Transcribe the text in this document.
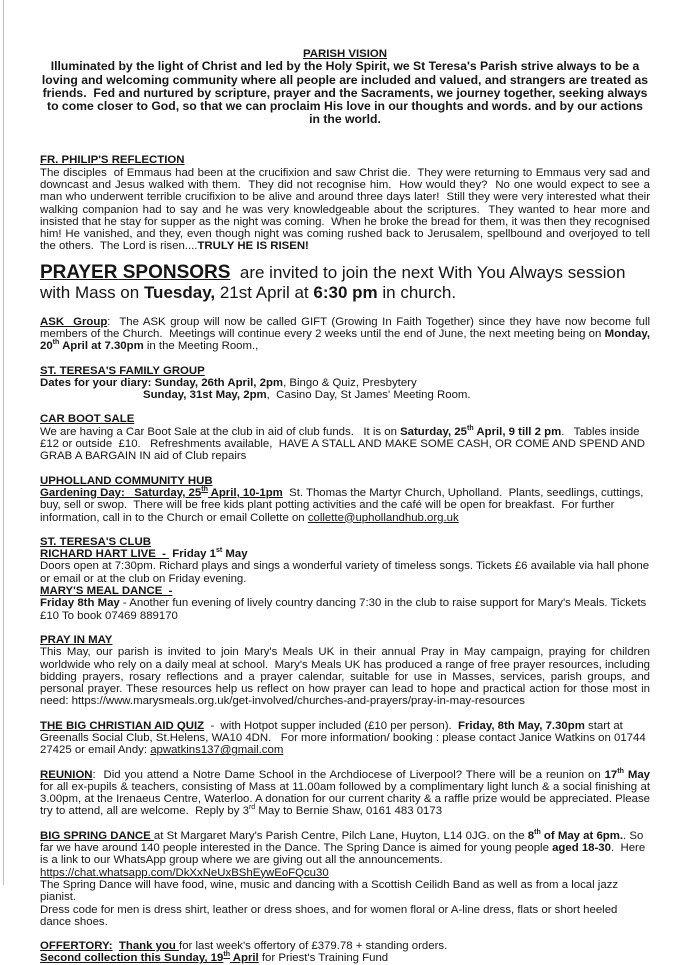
PARISH VISION

Illuminated by the light of Christ and led by the Holy Spirit, we St Teresa's Parish strive always to be a loving and welcoming community where all people are included and valued, and strangers are treated as friends.  Fed and nurtured by scripture, prayer and the Sacraments, we journey together, seeking always to come closer to God, so that we can proclaim His love in our thoughts and words. and by our actions in the world.

FR. PHILIP'S REFLECTION

The disciples  of Emmaus had been at the crucifixion and saw Christ die.  They were returning to Emmaus very sad and downcast and Jesus walked with them.  They did not recognise him.  How would they?  No one would expect to see a man who underwent terrible crucifixion to be alive and around three days later!  Still they were very interested what their walking companion had to say and he was very knowledgeable about the scriptures.  They wanted to hear more and insisted that he stay for supper as the night was coming.  When he broke the bread for them, it was then they recognised him! He vanished, and they, even though night was coming rushed back to Jerusalem, spellbound and overjoyed to tell the others.  The Lord is risen....TRULY HE IS RISEN!

PRAYER SPONSORS  are invited to join the next With You Always session with Mass on Tuesday, 21st April at 6:30 pm in church.

ASK  Group:  The ASK group will now be called GIFT (Growing In Faith Together) since they have now become full members of the Church.  Meetings will continue every 2 weeks until the end of June, the next meeting being on Monday, 20th April at 7.30pm in the Meeting Room.,

ST. TERESA'S FAMILY GROUP

Dates for your diary: Sunday, 26th April, 2pm, Bingo & Quiz, Presbytery

Sunday, 31st May, 2pm,  Casino Day, St James' Meeting Room.

CAR BOOT SALE

We are having a Car Boot Sale at the club in aid of club funds.   It is on Saturday, 25th April, 9 till 2 pm.   Tables inside £12 or outside  £10.   Refreshments available,  HAVE A STALL AND MAKE SOME CASH, OR COME AND SPEND AND GRAB A BARGAIN IN aid of Club repairs

UPHOLLAND COMMUNITY HUB

Gardening Day:   Saturday, 25th April, 10-1pm  St. Thomas the Martyr Church, Upholland.  Plants, seedlings, cuttings, buy, sell or swop.  There will be free kids plant potting activities and the café will be open for breakfast.  For further information, call in to the Church or email Collette on collette@uphollandhub.org.uk

ST. TERESA'S CLUB

RICHARD HART LIVE  -  Friday 1st May

Doors open at 7:30pm. Richard plays and sings a wonderful variety of timeless songs. Tickets £6 available via hall phone or email or at the club on Friday evening.

MARY'S MEAL DANCE  -

Friday 8th May - Another fun evening of lively country dancing 7:30 in the club to raise support for Mary's Meals. Tickets £10 To book 07469 889170

PRAY IN MAY

This May, our parish is invited to join Mary's Meals UK in their annual Pray in May campaign, praying for children worldwide who rely on a daily meal at school.  Mary's Meals UK has produced a range of free prayer resources, including bidding prayers, rosary reflections and a prayer calendar, suitable for use in Masses, services, parish groups, and personal prayer. These resources help us reflect on how prayer can lead to hope and practical action for those most in need: https://www.marysmeals.org.uk/get-involved/churches-and-prayers/pray-in-may-resources

THE BIG CHRISTIAN AID QUIZ  -  with Hotpot supper included (£10 per person).  Friday, 8th May, 7.30pm start at Greenalls Social Club, St.Helens, WA10 4DN.   For more information/ booking : please contact Janice Watkins on 01744 27425 or email Andy: apwatkins137@gmail.com

REUNION:  Did you attend a Notre Dame School in the Archdiocese of Liverpool? There will be a reunion on 17th May for all ex-pupils & teachers, consisting of Mass at 11.00am followed by a complimentary light lunch & a social finishing at 3.00pm, at the Irenaeus Centre, Waterloo. A donation for our current charity & a raffle prize would be appreciated. Please try to attend, all are welcome.  Reply by 3rd May to Bernie Shaw, 0161 483 0173

BIG SPRING DANCE at St Margaret Mary's Parish Centre, Pilch Lane, Huyton, L14 0JG. on the 8th of May at 6pm.. So far we have around 140 people interested in the Dance. The Spring Dance is aimed for young people aged 18-30.  Here is a link to our WhatsApp group where we are giving out all the announcements.  https://chat.whatsapp.com/DkXxNeUxBShEywEoFQcu30
The Spring Dance will have food, wine, music and dancing with a Scottish Ceilidh Band as well as from a local jazz pianist.
Dress code for men is dress shirt, leather or dress shoes, and for women floral or A-line dress, flats or short heeled dance shoes.

OFFERTORY: Thank you for last week's offertory of £379.78 + standing orders.

Second collection this Sunday, 19th April for Priest's Training Fund
